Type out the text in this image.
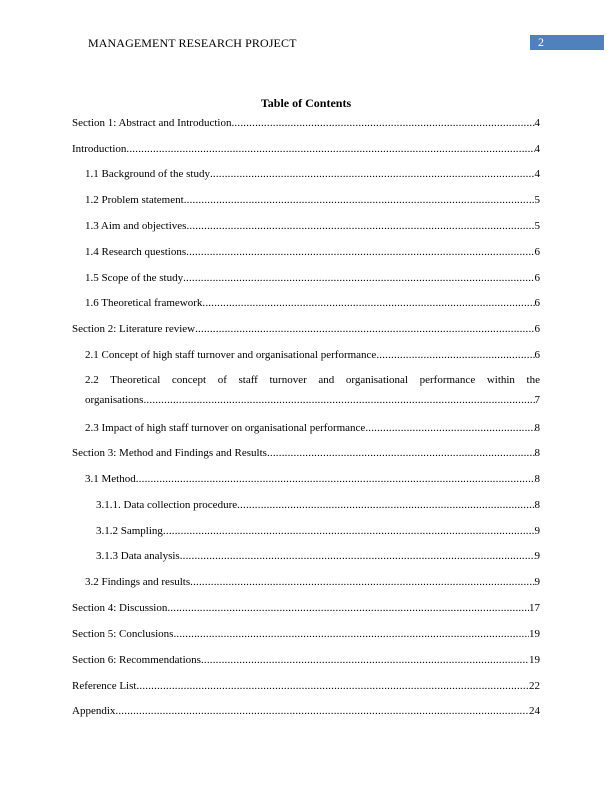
MANAGEMENT RESEARCH PROJECT	2
Table of Contents
Section 1: Abstract and Introduction .....	4
Introduction .....	4
1.1 Background of the study .....	4
1.2 Problem statement .....	5
1.3 Aim and objectives .....	5
1.4 Research questions .....	6
1.5 Scope of the study .....	6
1.6 Theoretical framework .....	6
Section 2: Literature review .....	6
2.1 Concept of high staff turnover and organisational performance .....	6
2.2 Theoretical concept of staff turnover and organisational performance within the
organisations .....	7
2.3 Impact of high staff turnover on organisational performance .....	8
Section 3: Method and Findings and Results .....	8
3.1 Method .....	8
3.1.1. Data collection procedure .....	8
3.1.2 Sampling .....	9
3.1.3 Data analysis .....	9
3.2 Findings and results .....	9
Section 4: Discussion .....	17
Section 5: Conclusions .....	19
Section 6: Recommendations .....	19
Reference List .....	22
Appendix .....	24
